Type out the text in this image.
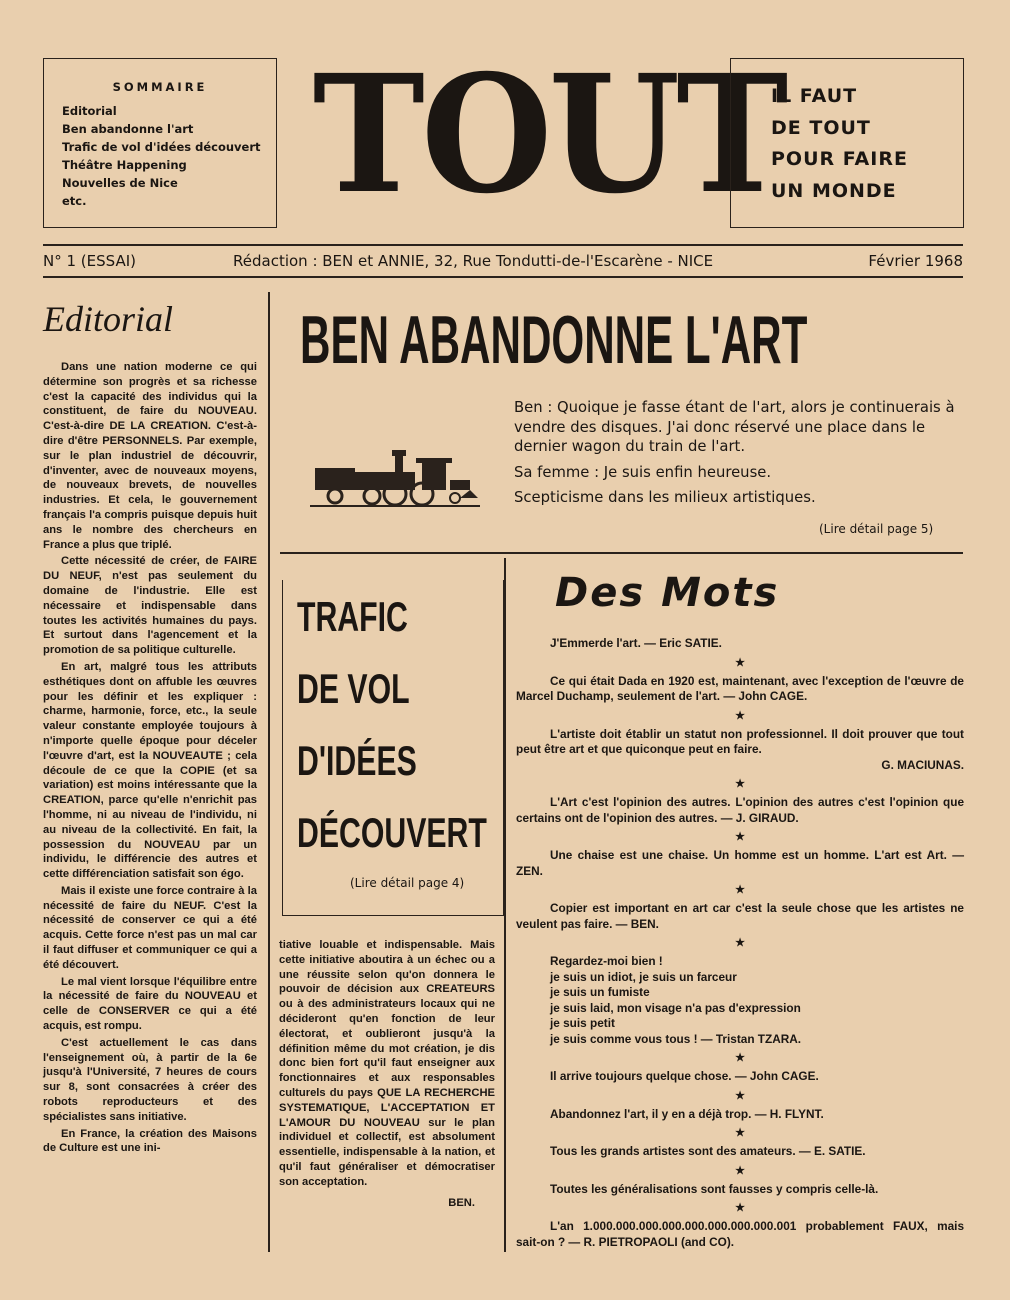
SOMMAIRE
Editorial
Ben abandonne l'art
Trafic de vol d'idées découvert
Théâtre Happening
Nouvelles de Nice
etc.	TOUT
IL FAUT
DE TOUT
POUR FAIRE
UN MONDE
N° 1 (ESSAI)	Rédaction : BEN et ANNIE, 32, Rue Tondutti-de-l'Escarène - NICE	Février 1968
Editorial

Dans une nation moderne ce qui détermine son progrès et sa richesse c'est la capacité des individus qui la constituent, de faire du NOUVEAU. C'est-à-dire DE LA CREATION. C'est-à-dire d'être PERSONNELS. Par exemple, sur le plan industriel de découvrir, d'inventer, avec de nouveaux moyens, de nouveaux brevets, de nouvelles industries. Et cela, le gouvernement français l'a compris puisque depuis huit ans le nombre des chercheurs en France a plus que triplé.

Cette nécessité de créer, de FAIRE DU NEUF, n'est pas seulement du domaine de l'industrie. Elle est nécessaire et indispensable dans toutes les activités humaines du pays. Et surtout dans l'agencement et la promotion de sa politique culturelle.

En art, malgré tous les attributs esthétiques dont on affuble les œuvres pour les définir et les expliquer : charme, harmonie, force, etc., la seule valeur constante employée toujours à n'importe quelle époque pour déceler l'œuvre d'art, est la NOUVEAUTE ; cela découle de ce que la COPIE (et sa variation) est moins intéressante que la CREATION, parce qu'elle n'enrichit pas l'homme, ni au niveau de l'individu, ni au niveau de la collectivité. En fait, la possession du NOUVEAU par un individu, le différencie des autres et cette différenciation satisfait son égo.

Mais il existe une force contraire à la nécessité de faire du NEUF. C'est la nécessité de conserver ce qui a été acquis. Cette force n'est pas un mal car il faut diffuser et communiquer ce qui a été découvert.

Le mal vient lorsque l'équilibre entre la nécessité de faire du NOUVEAU et celle de CONSERVER ce qui a été acquis, est rompu.

C'est actuellement le cas dans l'enseignement où, à partir de la 6e jusqu'à l'Université, 7 heures de cours sur 8, sont consacrées à créer des robots reproducteurs et des spécialistes sans initiative.

En France, la création des Maisons de Culture est une ini-

BEN ABANDONNE L'ART

Ben : Quoique je fasse étant de l'art, alors je continuerais à vendre des disques. J'ai donc réservé une place dans le dernier wagon du train de l'art.

Sa femme : Je suis enfin heureuse.

Scepticisme dans les milieux artistiques.

(Lire détail page 5)
TRAFIC
DE VOL
D'IDÉES
DÉCOUVERT
(Lire détail page 4)

tiative louable et indispensable. Mais cette initiative aboutira à un échec ou a une réussite selon qu'on donnera le pouvoir de décision aux CREATEURS ou à des administrateurs locaux qui ne décideront qu'en fonction de leur électorat, et oublieront jusqu'à la définition même du mot création, je dis donc bien fort qu'il faut enseigner aux fonctionnaires et aux responsables culturels du pays QUE LA RECHERCHE SYSTEMATIQUE, L'ACCEPTATION ET L'AMOUR DU NOUVEAU sur le plan individuel et collectif, est absolument essentielle, indispensable à la nation, et qu'il faut généraliser et démocratiser son acceptation.

BEN.
Des Mots
J'Emmerde l'art. — Eric SATIE.
★
Ce qui était Dada en 1920 est, maintenant, avec l'exception de l'œuvre de Marcel Duchamp, seulement de l'art. — John CAGE.
★
L'artiste doit établir un statut non professionnel. Il doit prouver que tout peut être art et que quiconque peut en faire.
G. MACIUNAS.
★
L'Art c'est l'opinion des autres. L'opinion des autres c'est l'opinion que certains ont de l'opinion des autres. — J. GIRAUD.
★
Une chaise est une chaise. Un homme est un homme. L'art est Art. — ZEN.
★
Copier est important en art car c'est la seule chose que les artistes ne veulent pas faire. — BEN.
★
Regardez-moi bien !
je suis un idiot, je suis un farceur
je suis un fumiste
je suis laid, mon visage n'a pas d'expression
je suis petit
je suis comme vous tous ! — Tristan TZARA.
★
Il arrive toujours quelque chose. — John CAGE.
★
Abandonnez l'art, il y en a déjà trop. — H. FLYNT.
★
Tous les grands artistes sont des amateurs. — E. SATIE.
★
Toutes les généralisations sont fausses y compris celle-là.
★
L'an 1.000.000.000.000.000.000.000.000.001 probablement FAUX, mais sait-on ? — R. PIETROPAOLI (and CO).
